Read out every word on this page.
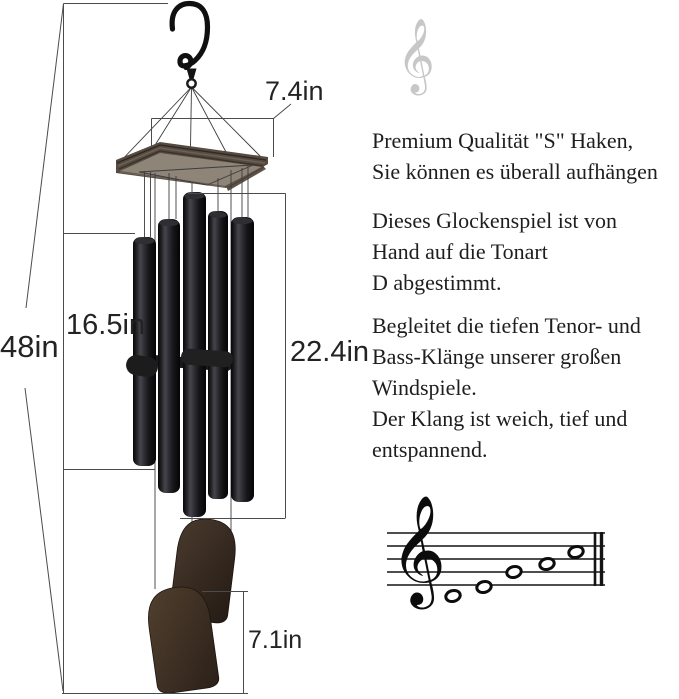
𝄞
𝄞
48in
16.5in
22.4in
7.4in
7.1in
Premium Qualität "S" Haken,
Sie können es überall aufhängen
Dieses Glockenspiel ist von
Hand auf die Tonart
D abgestimmt.
Begleitet die tiefen Tenor- und
Bass-Klänge unserer großen
Windspiele.
Der Klang ist weich, tief und
entspannend.
